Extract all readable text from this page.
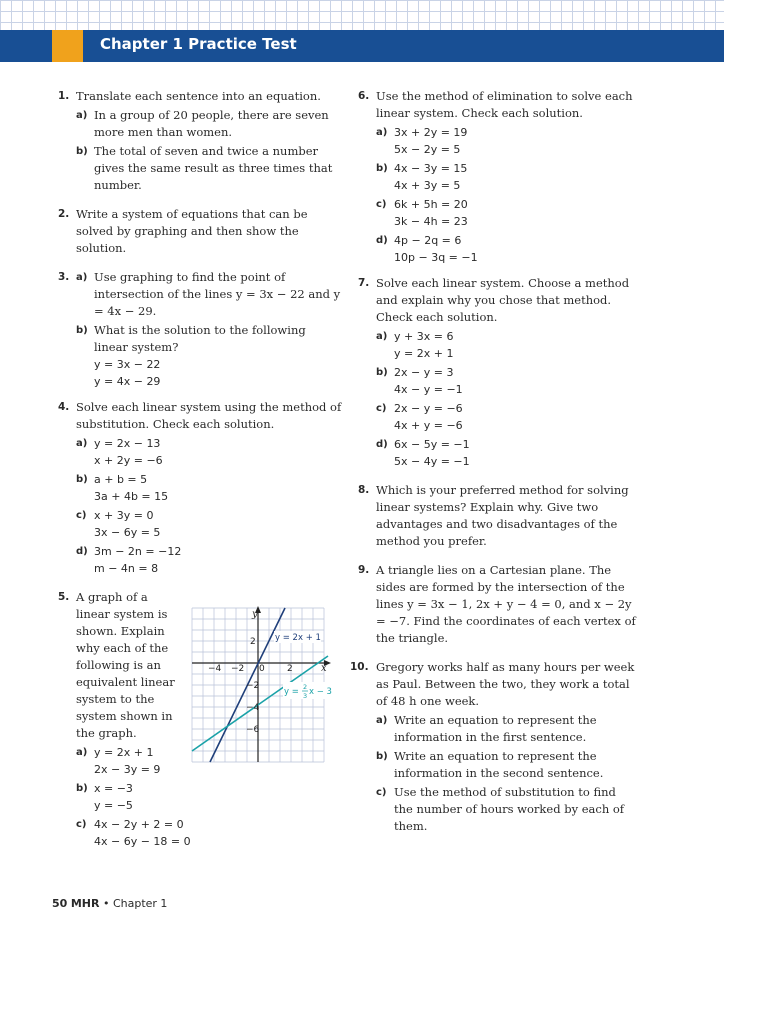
Chapter 1 Practice Test
1. Translate each sentence into an equation.
a) In a group of 20 people, there are seven more men than women.
b) The total of seven and twice a number gives the same result as three times that number.
2. Write a system of equations that can be solved by graphing and then show the solution.
3. a) Use graphing to find the point of intersection of the lines y = 3x − 22 and y = 4x − 29.
b) What is the solution to the following linear system?
y = 3x − 22
y = 4x − 29
4. Solve each linear system using the method of substitution. Check each solution.
a) y = 2x − 13
x + 2y = −6
b) a + b = 5
3a + 4b = 15
c) x + 3y = 0
3x − 6y = 5
d) 3m − 2n = −12
m − 4n = 8
5. A graph of a linear system is shown. Explain why each of the following is an equivalent linear system to the system shown in the graph.
a) y = 2x + 1
2x − 3y = 9
b) x = −3
y = −5
c) 4x − 2y + 2 = 0
4x − 6y − 18 = 0
y
x
−4 −2 0 2
2
−2
−4
−6
y = 2x + 1
y = 2
3 x − 3
6. Use the method of elimination to solve each linear system. Check each solution.
a) 3x + 2y = 19
5x − 2y = 5
b) 4x − 3y = 15
4x + 3y = 5
c) 6k + 5h = 20
3k − 4h = 23
d) 4p − 2q = 6
10p − 3q = −1
7. Solve each linear system. Choose a method and explain why you chose that method. Check each solution.
a) y + 3x = 6
y = 2x + 1
b) 2x − y = 3
4x − y = −1
c) 2x − y = −6
4x + y = −6
d) 6x − 5y = −1
5x − 4y = −1
8. Which is your preferred method for solving linear systems? Explain why. Give two advantages and two disadvantages of the method you prefer.
9. A triangle lies on a Cartesian plane. The sides are formed by the intersection of the lines y = 3x − 1, 2x + y − 4 = 0, and x − 2y = −7. Find the coordinates of each vertex of the triangle.
10. Gregory works half as many hours per week as Paul. Between the two, they work a total of 48 h one week.
a) Write an equation to represent the information in the first sentence.
b) Write an equation to represent the information in the second sentence.
c) Use the method of substitution to find the number of hours worked by each of them.
50 MHR • Chapter 1
